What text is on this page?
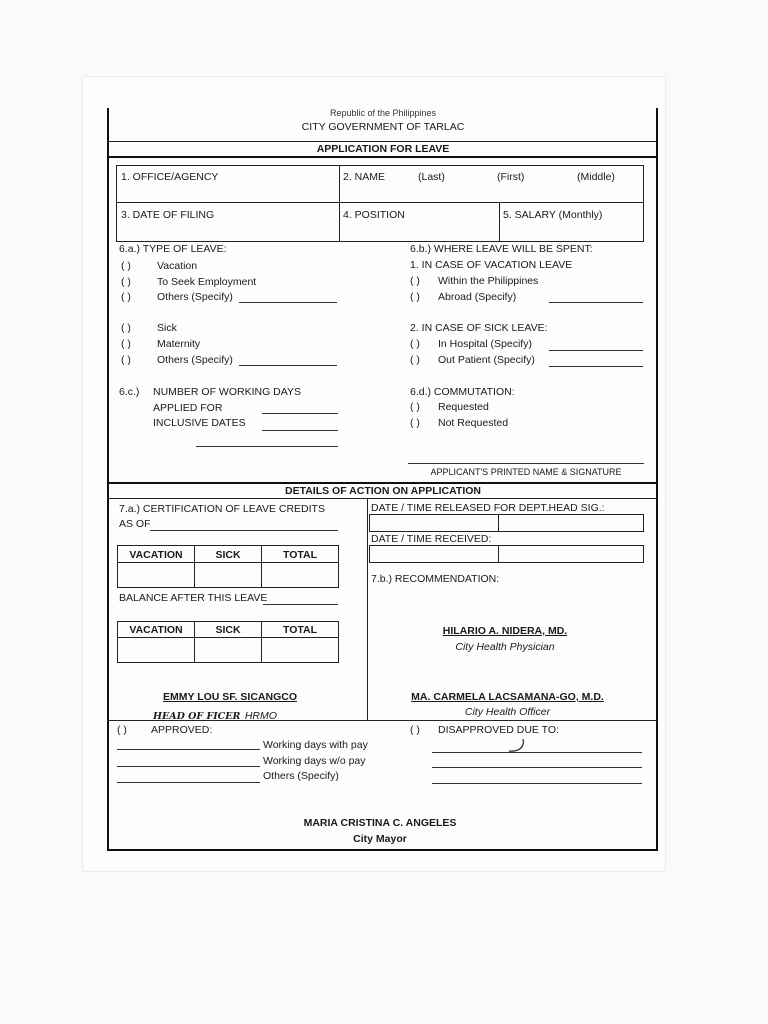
Republic of the Philippines
CITY GOVERNMENT OF TARLAC
APPLICATION FOR LEAVE
1. OFFICE/AGENCY	2. NAME	(Last)	(First)	(Middle)
3. DATE OF FILING	4. POSITION	5. SALARY (Monthly)
6.a.) TYPE OF LEAVE:
( ) Vacation
( ) To Seek Employment
( ) Others (Specify)
( ) Sick
( ) Maternity
( ) Others (Specify)
6.b.) WHERE LEAVE WILL BE SPENT:
1. IN CASE OF VACATION LEAVE
( ) Within the Philippines
( ) Abroad (Specify)
2. IN CASE OF SICK LEAVE:
( ) In Hospital (Specify)
( ) Out Patient (Specify)
6.c.) NUMBER OF WORKING DAYS
APPLIED FOR
INCLUSIVE DATES
6.d.) COMMUTATION:
( ) Requested
( ) Not Requested
APPLICANT'S PRINTED NAME & SIGNATURE
DETAILS OF ACTION ON APPLICATION
7.a.) CERTIFICATION OF LEAVE CREDITS
AS OF
VACATION	SICK	TOTAL
BALANCE AFTER THIS LEAVE
VACATION	SICK	TOTAL
DATE / TIME RELEASED FOR DEPT.HEAD SIG.:
DATE / TIME RECEIVED:
7.b.) RECOMMENDATION:
HILARIO A. NIDERA, MD.
City Health Physician
EMMY LOU SF. SICANGCO
HEAD OF FICER HRMO
MA. CARMELA LACSAMANA-GO, M.D.
City Health Officer
( ) APPROVED:
Working days with pay
Working days w/o pay
Others (Specify)
( ) DISAPPROVED DUE TO:
MARIA CRISTINA C. ANGELES
City Mayor
